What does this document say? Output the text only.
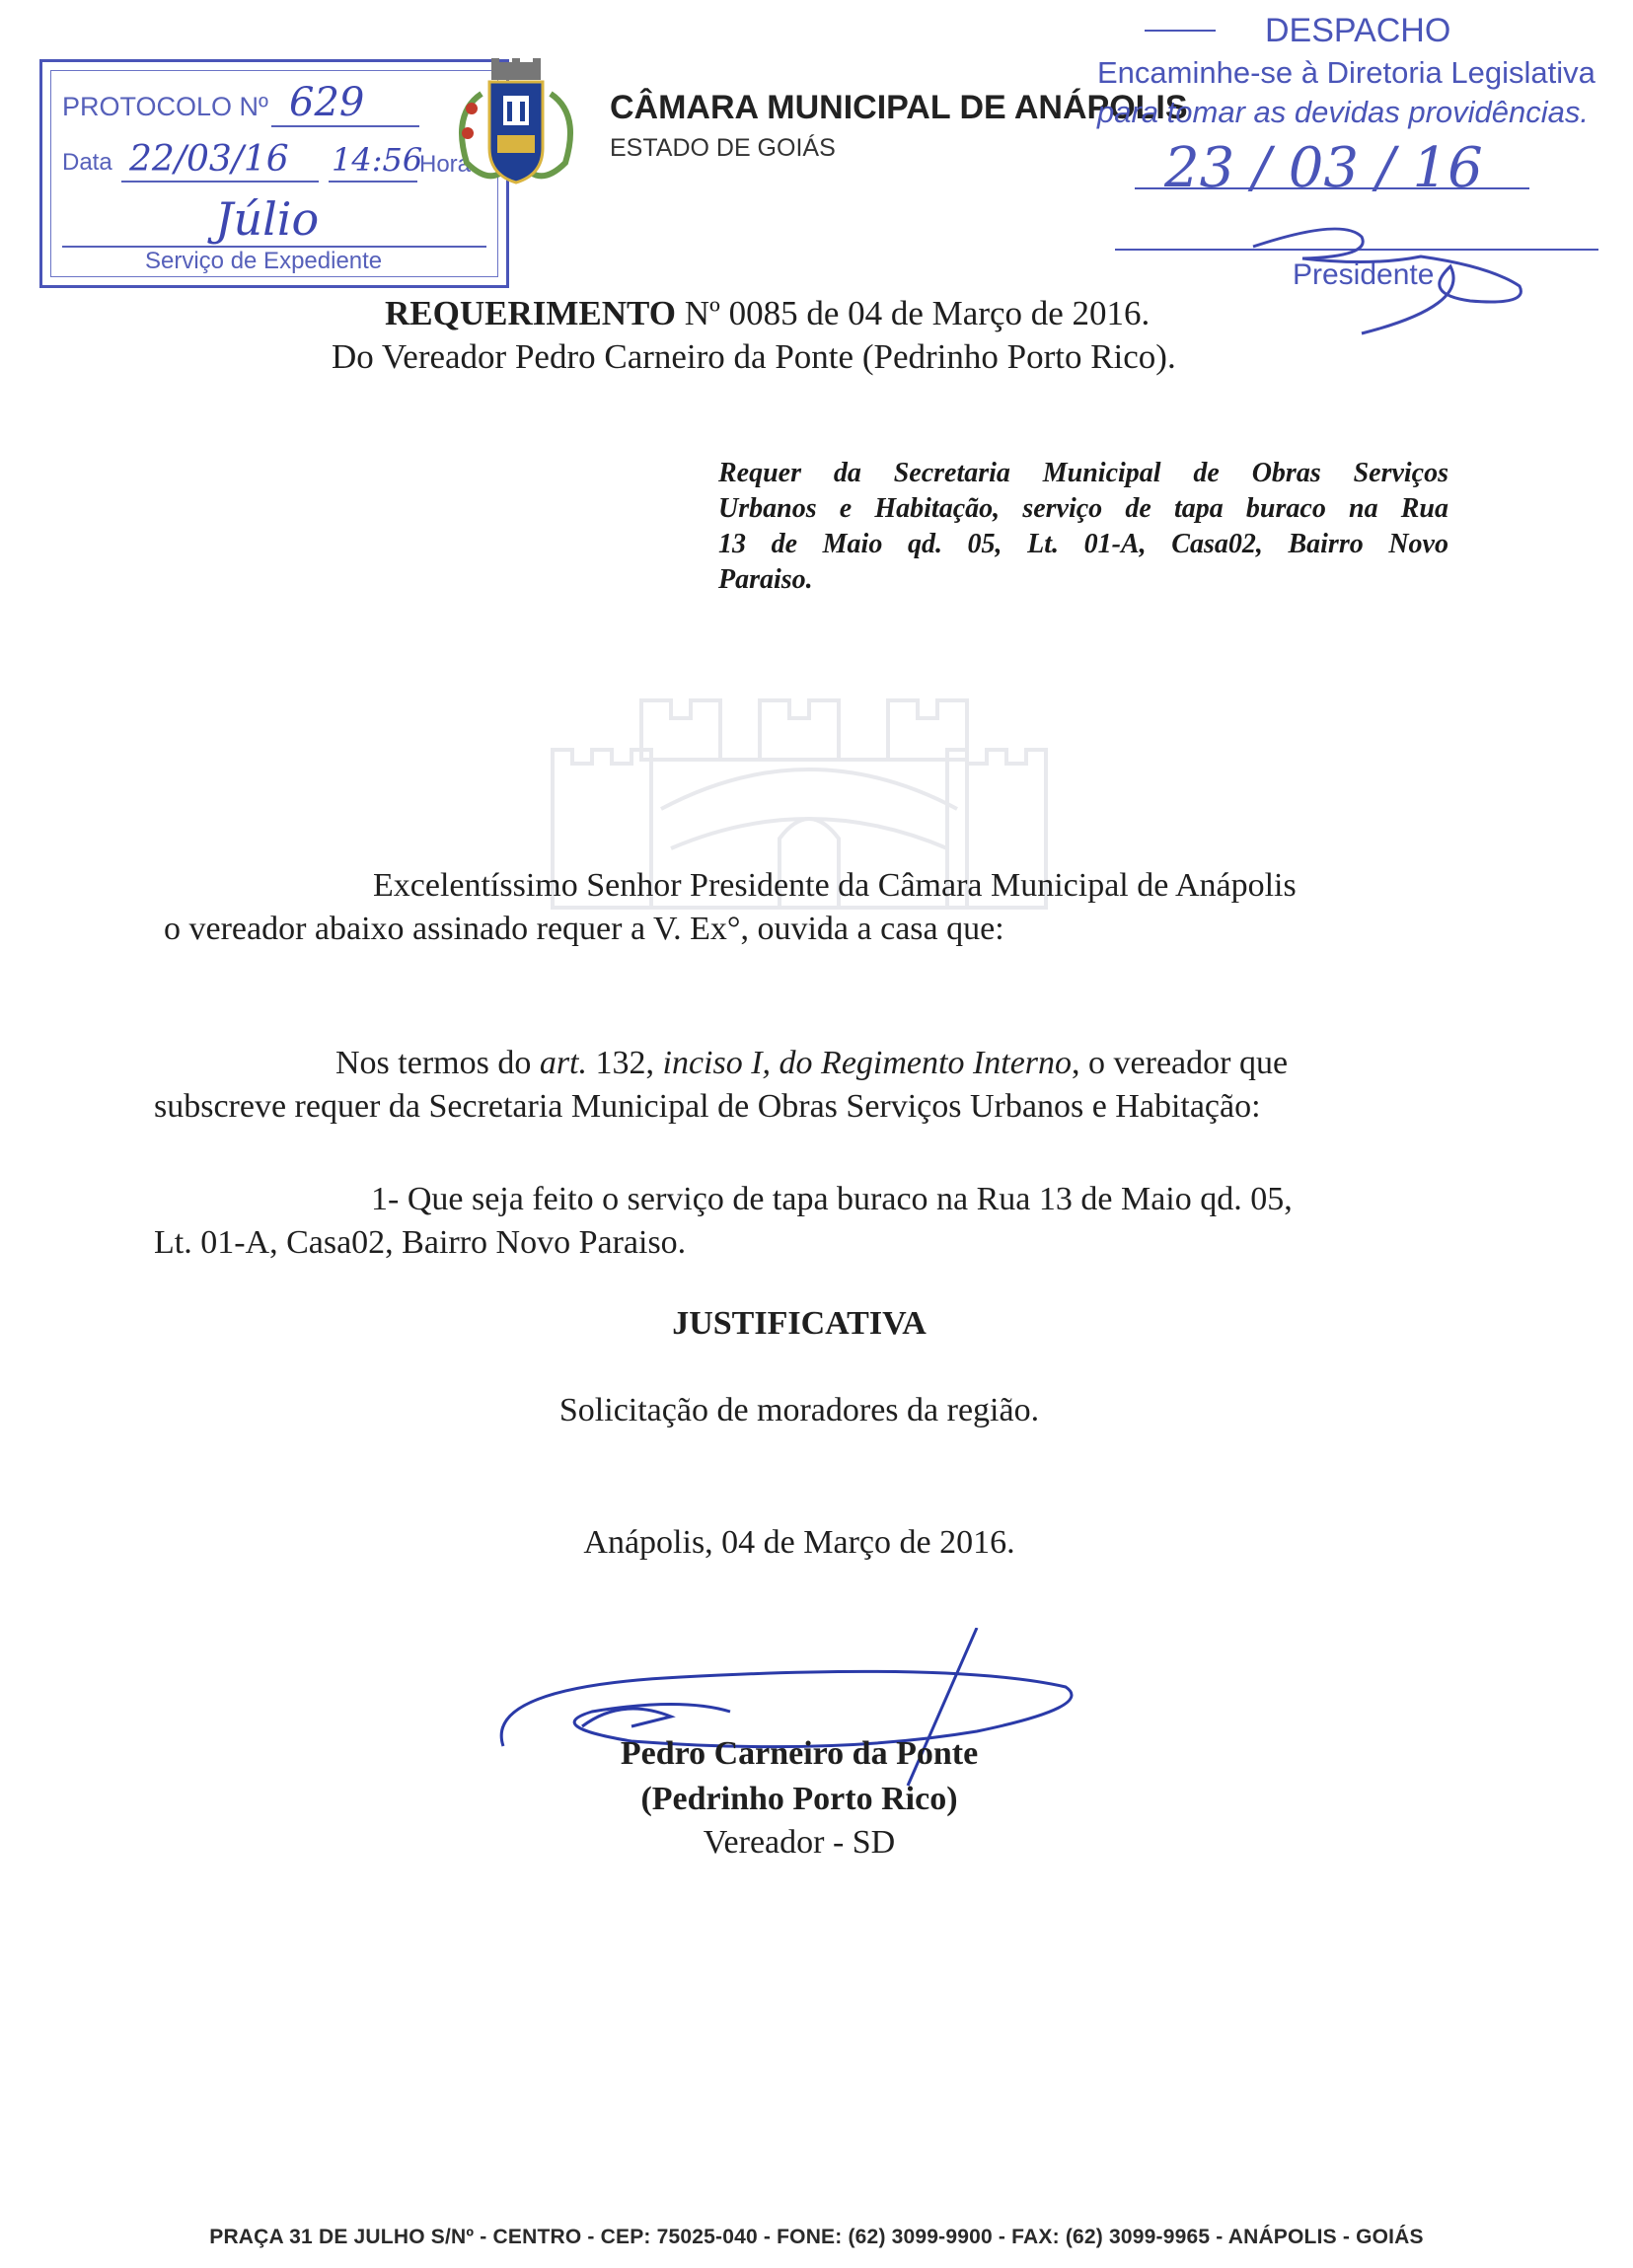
PROTOCOLO Nº 629
Data 22/03/16 14:56
Hora
Júlio
Serviço de Expediente
CÂMARA MUNICIPAL DE ANÁPOLIS
ESTADO DE GOIÁS
DESPACHO
Encaminhe-se à Diretoria Legislativa
para tomar as devidas providências.
23 / 03 / 16
Presidente
REQUERIMENTO Nº 0085 de 04 de Março de 2016.
Do Vereador Pedro Carneiro da Ponte (Pedrinho Porto Rico).
Requer da Secretaria Municipal de Obras Serviços
Urbanos e Habitação, serviço de tapa buraco na Rua
13 de Maio qd. 05, Lt. 01-A, Casa02, Bairro Novo
Paraiso.
Excelentíssimo Senhor Presidente da Câmara Municipal de Anápolis
o vereador abaixo assinado requer a V. Ex°, ouvida a casa que:
Nos termos do art. 132, inciso I, do Regimento Interno, o vereador que
subscreve requer da Secretaria Municipal de Obras Serviços Urbanos e Habitação:
1- Que seja feito o serviço de tapa buraco na Rua 13 de Maio qd. 05,
Lt. 01-A, Casa02, Bairro Novo Paraiso.
JUSTIFICATIVA
Solicitação de moradores da região.
Anápolis, 04 de Março de 2016.
Pedro Carneiro da Ponte
(Pedrinho Porto Rico)
Vereador - SD
PRAÇA 31 DE JULHO S/Nº - CENTRO - CEP: 75025-040 - FONE: (62) 3099-9900 - FAX: (62) 3099-9965 - ANÁPOLIS - GOIÁS
